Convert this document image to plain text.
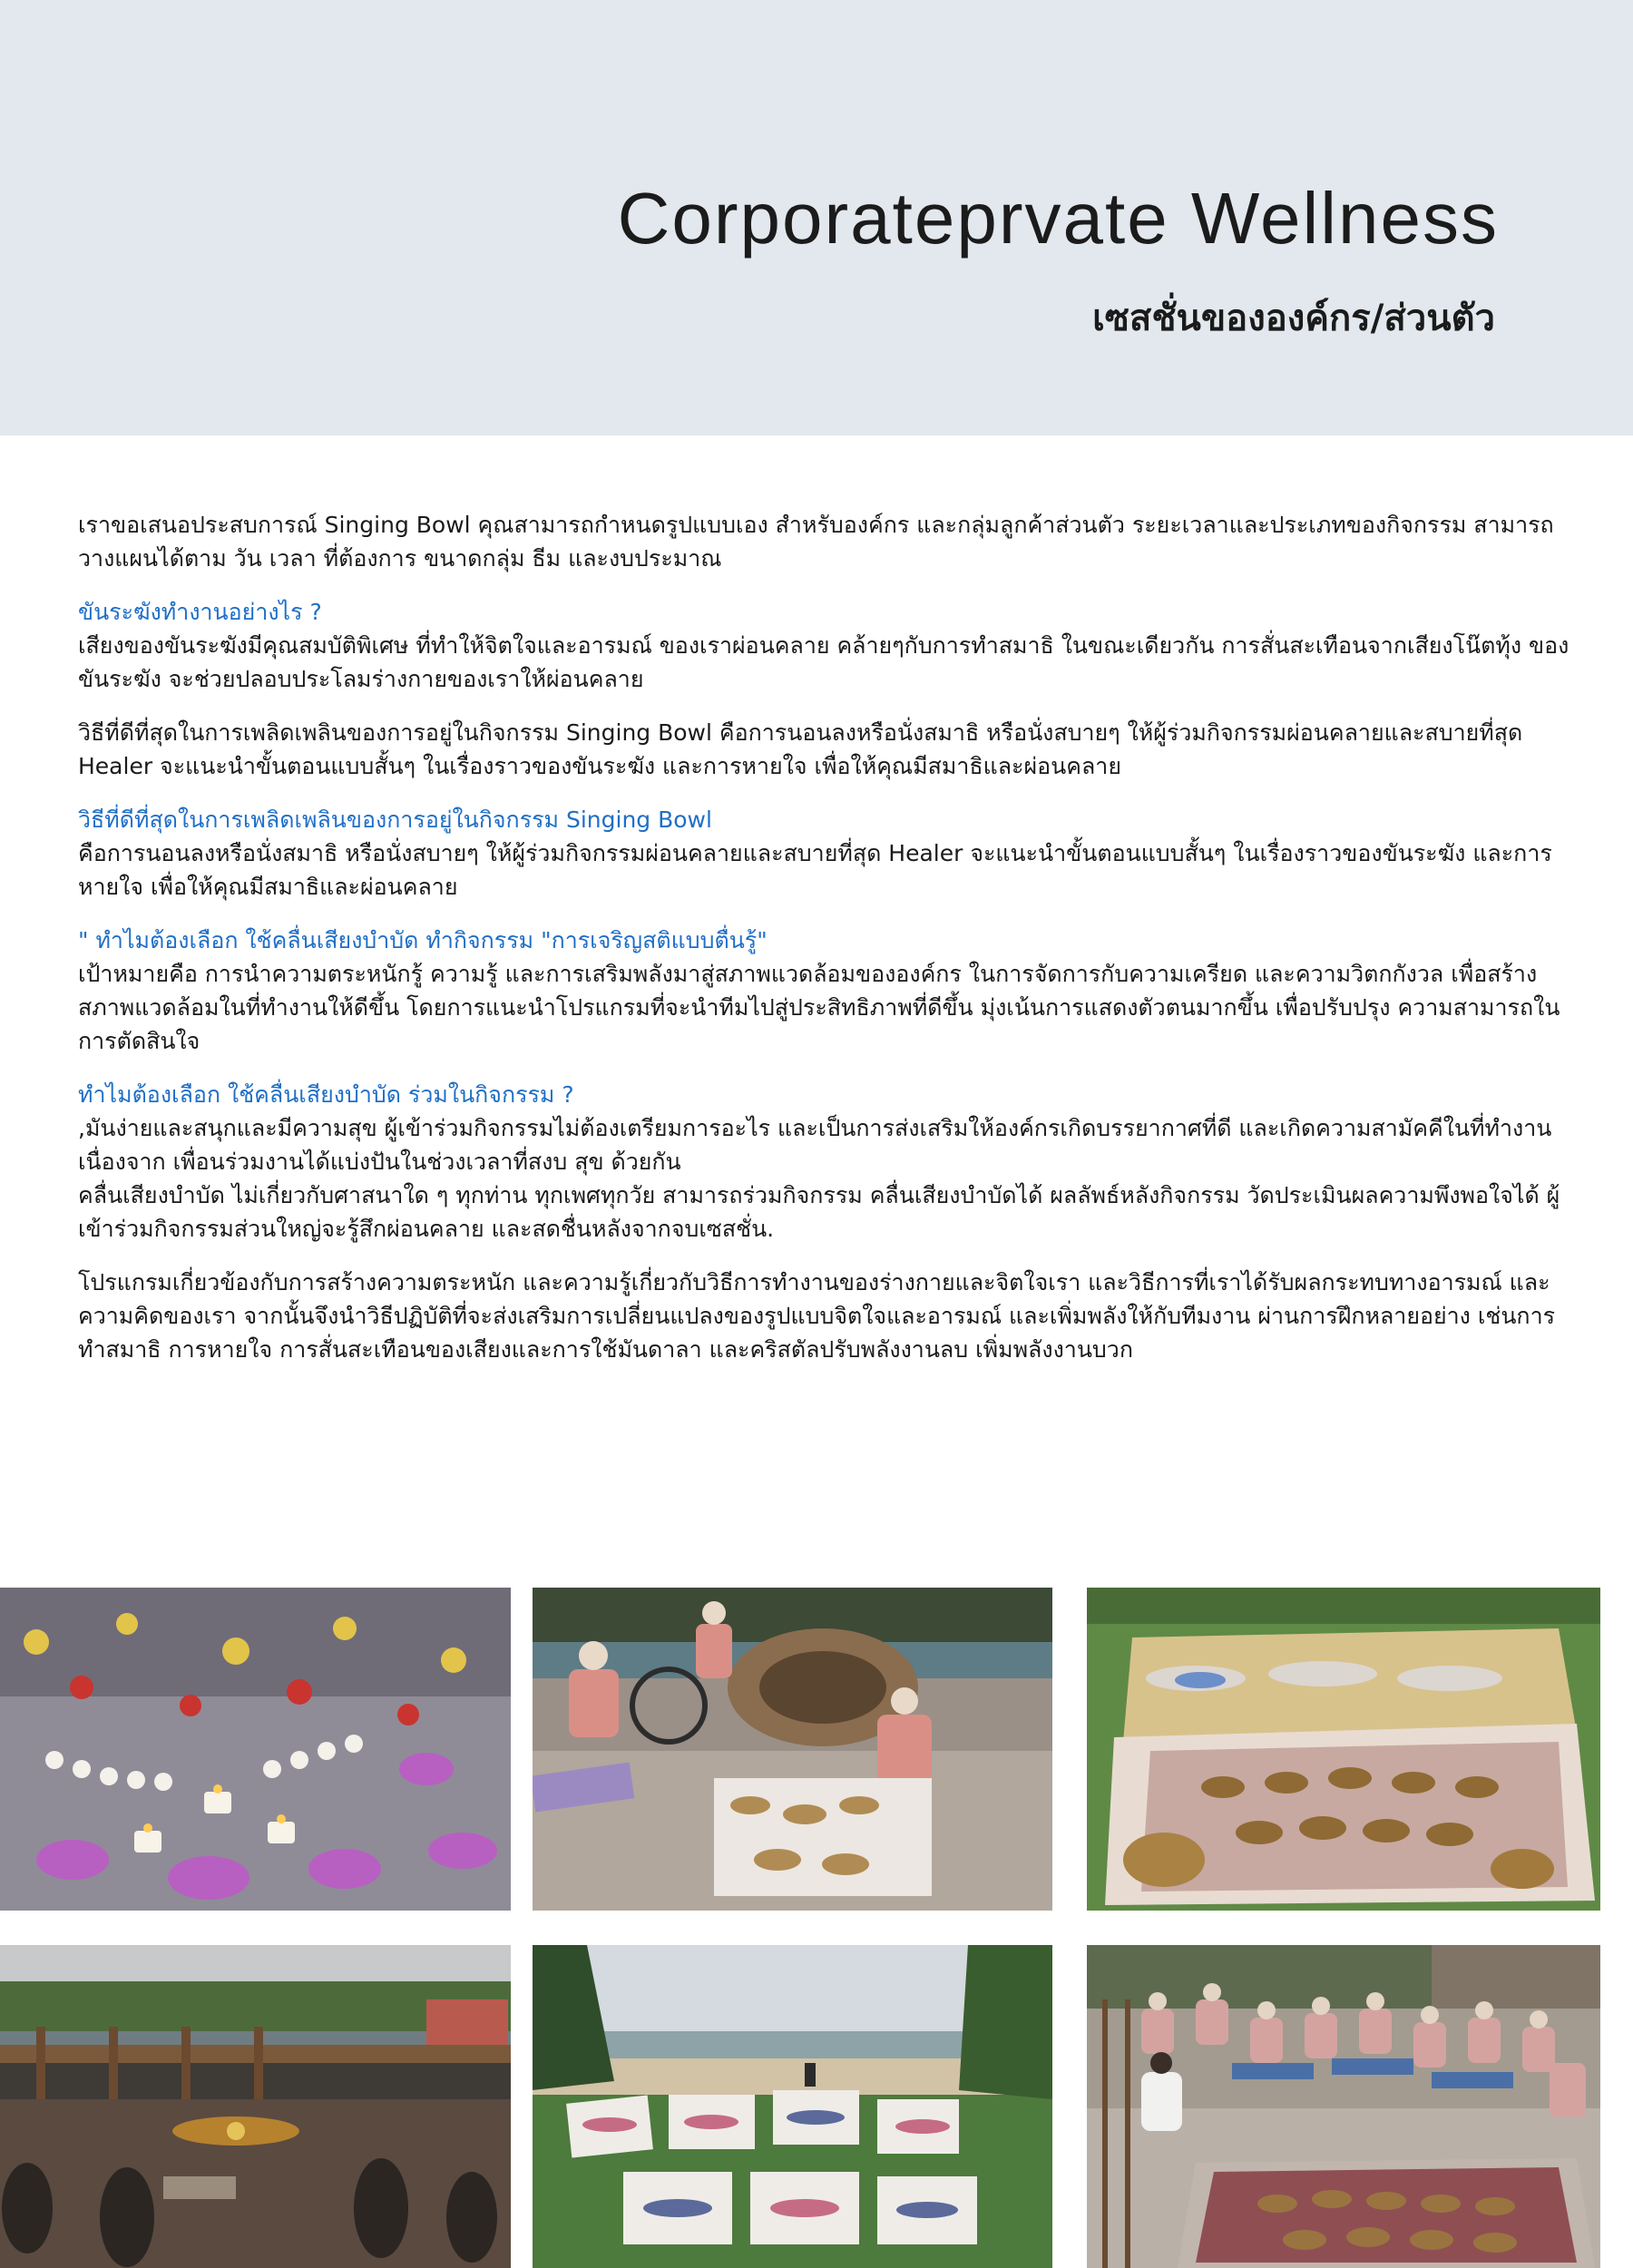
Corporateprvate Wellness
เซสชั่นขององค์กร/ส่วนตัว

เราขอเสนอประสบการณ์ Singing Bowl คุณสามารถกำหนดรูปแบบเอง สำหรับองค์กร และกลุ่มลูกค้าส่วนตัว ระยะเวลาและประเภทของกิจกรรม สามารถวางแผนได้ตาม วัน เวลา ที่ต้องการ ขนาดกลุ่ม ธีม และงบประมาณ

ขันระฆังทำงานอย่างไร ?
เสียงของขันระฆังมีคุณสมบัติพิเศษ ที่ทำให้จิตใจและอารมณ์ ของเราผ่อนคลาย คล้ายๆกับการทำสมาธิ ในขณะเดียวกัน การสั่นสะเทือนจากเสียงโน๊ตทุ้ง ของขันระฆัง จะช่วยปลอบประโลมร่างกายของเราให้ผ่อนคลาย

วิธีที่ดีที่สุดในการเพลิดเพลินของการอยู่ในกิจกรรม Singing Bowl คือการนอนลงหรือนั่งสมาธิ หรือนั่งสบายๆ ให้ผู้ร่วมกิจกรรมผ่อนคลายและสบายที่สุด Healer จะแนะนำขั้นตอนแบบสั้นๆ ในเรื่องราวของขันระฆัง และการหายใจ เพื่อให้คุณมีสมาธิและผ่อนคลาย

วิธีที่ดีที่สุดในการเพลิดเพลินของการอยู่ในกิจกรรม Singing Bowl
คือการนอนลงหรือนั่งสมาธิ หรือนั่งสบายๆ ให้ผู้ร่วมกิจกรรมผ่อนคลายและสบายที่สุด Healer จะแนะนำขั้นตอนแบบสั้นๆ ในเรื่องราวของขันระฆัง และการหายใจ เพื่อให้คุณมีสมาธิและผ่อนคลาย

" ทำไมต้องเลือก ใช้คลื่นเสียงบำบัด ทำกิจกรรม "การเจริญสติแบบตื่นรู้"
เป้าหมายคือ การนำความตระหนักรู้ ความรู้ และการเสริมพลังมาสู่สภาพแวดล้อมขององค์กร ในการจัดการกับความเครียด และความวิตกกังวล เพื่อสร้างสภาพแวดล้อมในที่ทำงานให้ดีขึ้น โดยการแนะนำโปรแกรมที่จะนำทีมไปสู่ประสิทธิภาพที่ดีขึ้น มุ่งเน้นการแสดงตัวตนมากขึ้น เพื่อปรับปรุง ความสามารถในการตัดสินใจ

ทำไมต้องเลือก ใช้คลื่นเสียงบำบัด ร่วมในกิจกรรม ?
,มันง่ายและสนุกและมีความสุข ผู้เข้าร่วมกิจกรรมไม่ต้องเตรียมการอะไร และเป็นการส่งเสริมให้องค์กรเกิดบรรยากาศที่ดี และเกิดความสามัคคีในที่ทำงาน เนื่องจาก เพื่อนร่วมงานได้แบ่งปันในช่วงเวลาที่สงบ สุข ด้วยกัน
คลื่นเสียงบำบัด ไม่เกี่ยวกับศาสนาใด ๆ ทุกท่าน ทุกเพศทุกวัย สามารถร่วมกิจกรรม คลื่นเสียงบำบัดได้ ผลลัพธ์หลังกิจกรรม วัดประเมินผลความพึงพอใจได้ ผู้เข้าร่วมกิจกรรมส่วนใหญ่จะรู้สึกผ่อนคลาย และสดชื่นหลังจากจบเซสชั่น.

โปรแกรมเกี่ยวข้องกับการสร้างความตระหนัก และความรู้เกี่ยวกับวิธีการทำงานของร่างกายและจิตใจเรา และวิธีการที่เราได้รับผลกระทบทางอารมณ์ และความคิดของเรา จากนั้นจึงนำวิธีปฏิบัติที่จะส่งเสริมการเปลี่ยนแปลงของรูปแบบจิตใจและอารมณ์ และเพิ่มพลังให้กับทีมงาน ผ่านการฝึกหลายอย่าง เช่นการทำสมาธิ การหายใจ การสั่นสะเทือนของเสียงและการใช้มันดาลา และคริสตัลปรับพลังงานลบ เพิ่มพลังงานบวก
